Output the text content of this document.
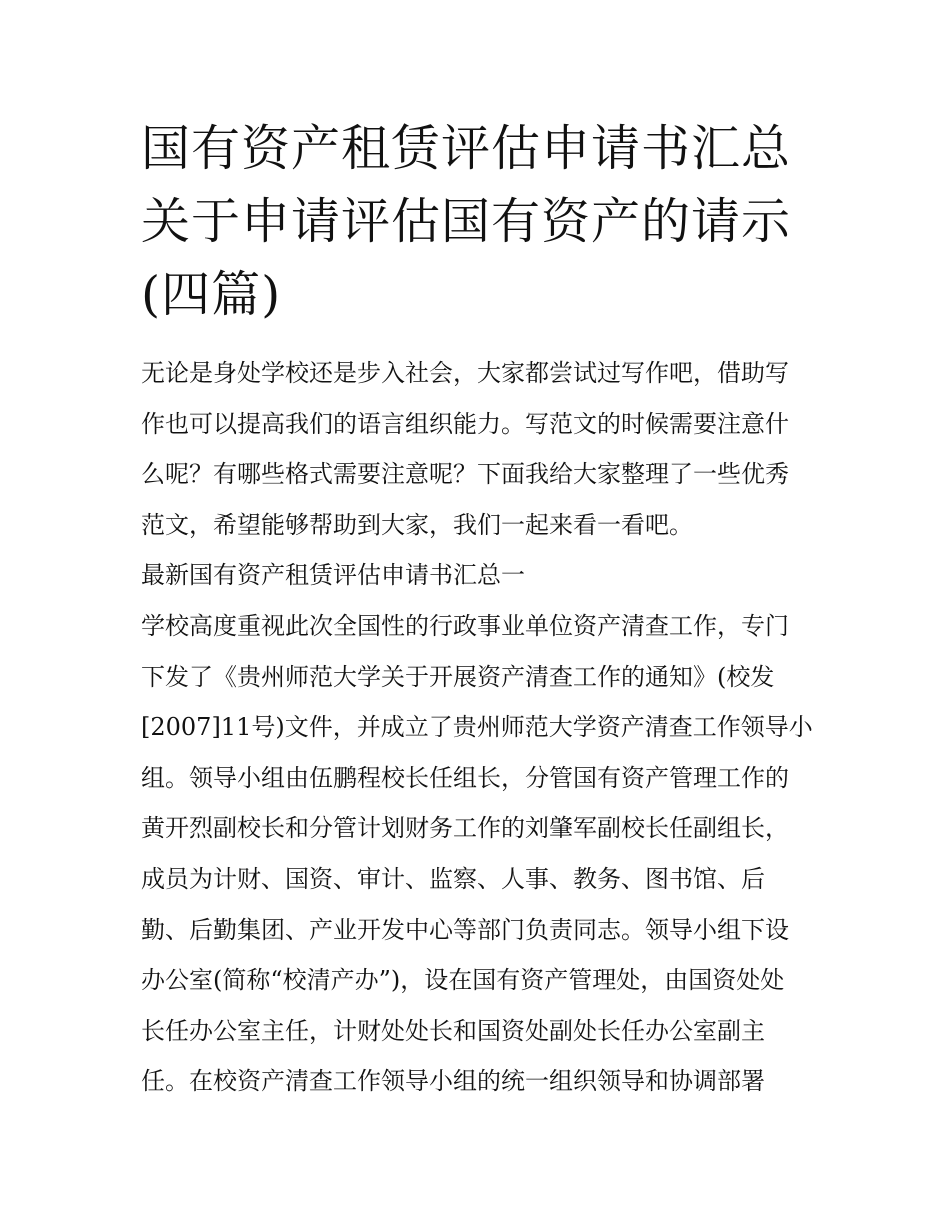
国有资产租赁评估申请书汇总
关于申请评估国有资产的请示
(四篇)
无论是身处学校还是步入社会，大家都尝试过写作吧，借助写
作也可以提高我们的语言组织能力。写范文的时候需要注意什
么呢？有哪些格式需要注意呢？下面我给大家整理了一些优秀
范文，希望能够帮助到大家，我们一起来看一看吧。
最新国有资产租赁评估申请书汇总一
学校高度重视此次全国性的行政事业单位资产清查工作，专门
下发了《贵州师范大学关于开展资产清查工作的通知》(校发
[2007]11号)文件，并成立了贵州师范大学资产清查工作领导小
组。领导小组由伍鹏程校长任组长，分管国有资产管理工作的
黄开烈副校长和分管计划财务工作的刘肇军副校长任副组长，
成员为计财、国资、审计、监察、人事、教务、图书馆、后
勤、后勤集团、产业开发中心等部门负责同志。领导小组下设
办公室(简称“校清产办”)，设在国有资产管理处，由国资处处
长任办公室主任，计财处处长和国资处副处长任办公室副主
任。在校资产清查工作领导小组的统一组织领导和协调部署
